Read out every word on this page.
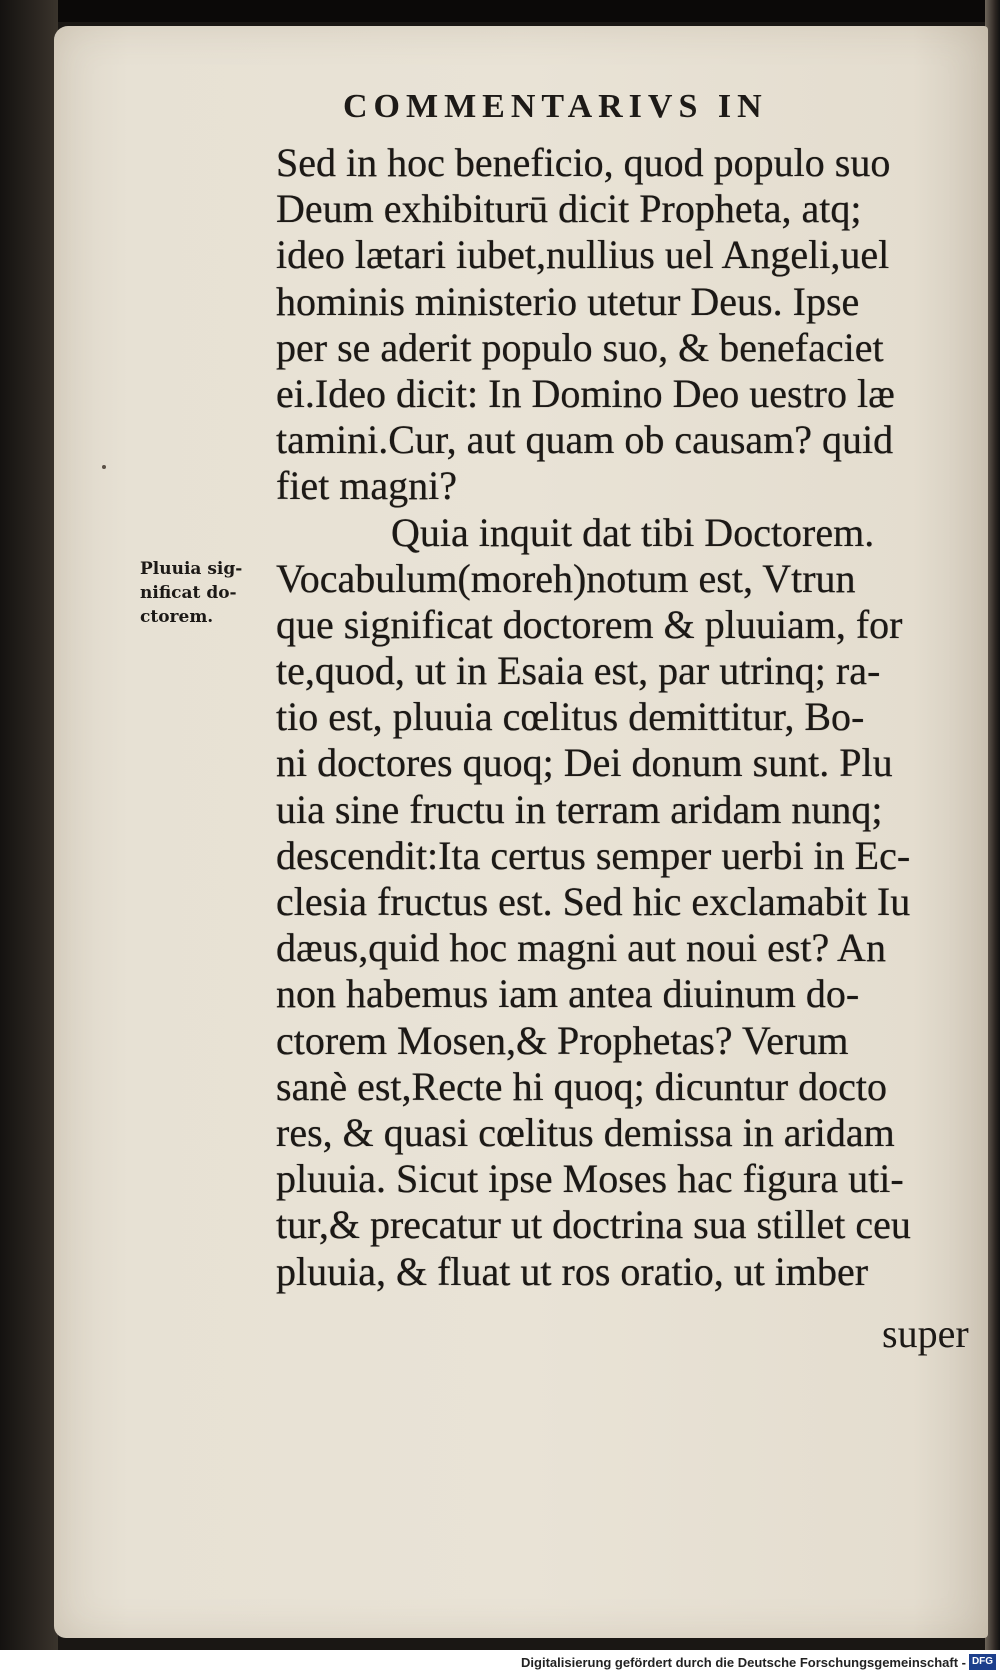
COMMENTARIVS IN
Pluuia sig-
nificat do-
ctorem.
Sed in hoc beneficio, quod populo suo
Deum exhibiturū dicit Propheta, atq;
ideo lætari iubet,nullius uel Angeli,uel
hominis ministerio utetur Deus. Ipse
per se aderit populo suo, & benefaciet
ei.Ideo dicit: In Domino Deo uestro læ
tamini.Cur, aut quam ob causam? quid
fiet magni?
Quia inquit dat tibi Doctorem.
Vocabulum(moreh)notum est, Vtrun
que significat doctorem & pluuiam, for
te,quod, ut in Esaia est, par utrinq; ra-
tio est, pluuia cœlitus demittitur, Bo-
ni doctores quoq; Dei donum sunt. Plu
uia sine fructu in terram aridam nunq;
descendit:Ita certus semper uerbi in Ec-
clesia fructus est. Sed hic exclamabit Iu
dæus,quid hoc magni aut noui est? An
non habemus iam antea diuinum do-
ctorem Mosen,& Prophetas? Verum
sanè est,Recte hi quoq; dicuntur docto
res, & quasi cœlitus demissa in aridam
pluuia. Sicut ipse Moses hac figura uti-
tur,& precatur ut doctrina sua stillet ceu
pluuia, & fluat ut ros oratio, ut imber
super
Digitalisierung gefördert durch die Deutsche Forschungsgemeinschaft - DFG
